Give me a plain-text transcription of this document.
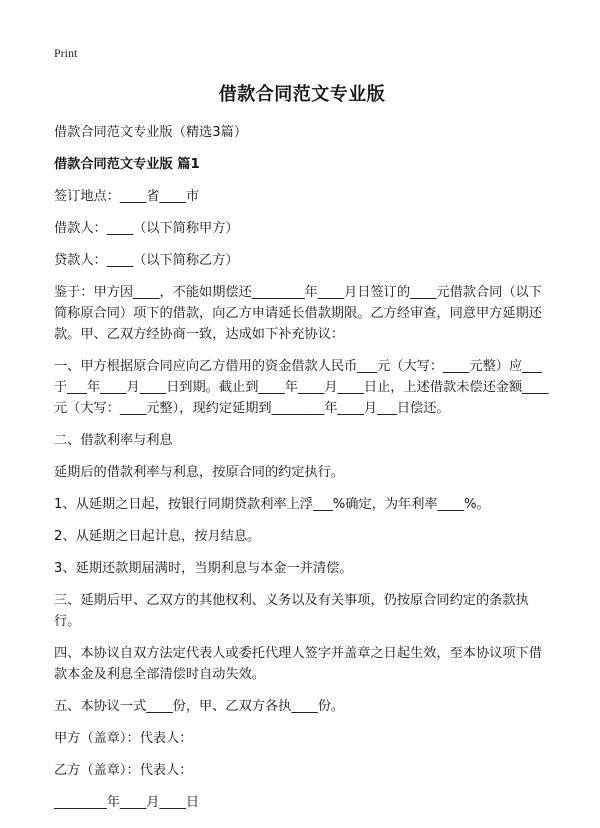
Print
借款合同范文专业版

借款合同范文专业版（精选3篇）

借款合同范文专业版 篇1

签订地点：____省____市

借款人：____（以下简称甲方）

贷款人：____（以下简称乙方）

鉴于：甲方因____，不能如期偿还________年____月日签订的____元借款合同（以下简称原合同）项下的借款，向乙方申请延长借款期限。乙方经审查，同意甲方延期还款。甲、乙双方经协商一致，达成如下补充协议：

一、甲方根据原合同应向乙方借用的资金借款人民币___元（大写：____元整）应___于___年____月____日到期。截止到____年____月____日止，上述借款未偿还金额____元（大写：____元整），现约定延期到________年____月___日偿还。

二、借款利率与利息

延期后的借款利率与利息，按原合同的约定执行。

1、从延期之日起，按银行同期贷款利率上浮___%确定，为年利率____%。

2、从延期之日起计息，按月结息。

3、延期还款期届满时，当期利息与本金一并清偿。

三、延期后甲、乙双方的其他权利、义务以及有关事项，仍按原合同约定的条款执行。

四、本协议自双方法定代表人或委托代理人签字并盖章之日起生效，至本协议项下借款本金及利息全部清偿时自动失效。

五、本协议一式____份，甲、乙双方各执____份。

甲方（盖章）：代表人：

乙方（盖章）：代表人：

________年____月____日
